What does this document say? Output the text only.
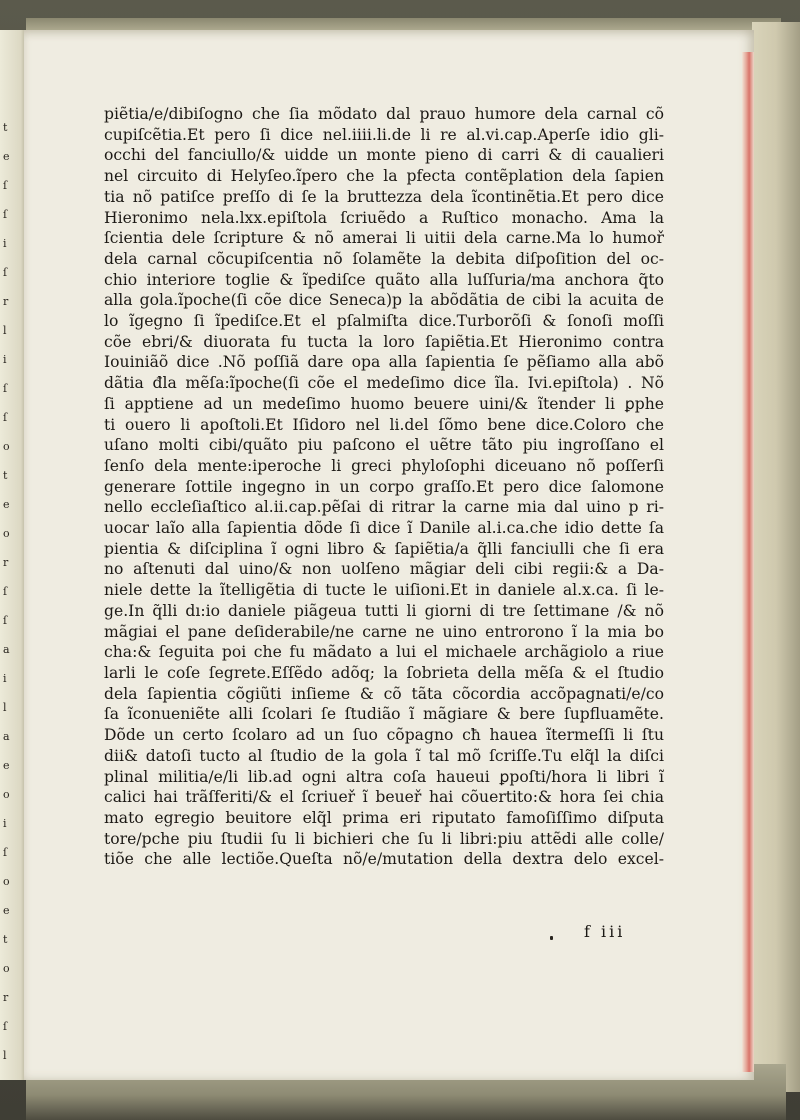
t
e
ſ
ſ
i
ſ
r
l
i
ſ
ſ
o
t
e
o
r
ſ
ſ
a
i
l
a
e
o
i
ſ
o
e
t
o
r
ſ
l
piẽtia/e/dibiſogno che ſia mõdato dal prauo humore dela carnal cõ
cupiſcẽtia.Et pero ſi dice nel.iiii.li.de li re al.vi.cap.Aperſe idio gli-
occhi del fanciullo/& uidde un monte pieno di carri & di caualieri
nel circuito di Helyſeo.ĩpero che la pfecta contẽplation dela ſapien
tia nõ patiſce preſſo di ſe la bruttezza dela ĩcontinẽtia.Et pero dice
Hieronimo nela.lxx.epiſtola ſcriuẽdo a Ruſtico monacho. Ama la
ſcientia dele ſcripture & nõ amerai li uitii dela carne.Ma lo humoř
dela carnal cõcupiſcentia nõ ſolamẽte la debita diſpoſition del oc-
chio interiore toglie & ĩpediſce quãto alla luſſuria/ma anchora q̃to
alla gola.ĩpoche(ſi cõe dice Seneca)p la abõdãtia de cibi la acuita de
lo ĩgegno ſi ĩpediſce.Et el pſalmiſta dice.Turborõſi & ſonoſi moſſi
cõe ebri/& diuorata fu tucta la loro ſapiẽtia.Et Hieronimo contra
Iouiniãõ dice .Nõ poſſiã dare opa alla ſapientia ſe pẽſiamo alla abõ
dãtia đla mẽſa:ĩpoche(ſi cõe el medeſimo dice ĩla. Ivi.epiſtola) . Nõ
ſi apptiene ad un medeſimo huomo beuere uini/& ĩtender li ꝑphe
ti ouero li apoſtoli.Et Iſidoro nel li.del ſõmo bene dice.Coloro che
uſano molti cibi/quãto piu paſcono el uẽtre tãto piu ingroſſano el
ſenſo dela mente:iperoche li greci phyloſophi diceuano nõ poſſerſi
generare ſottile ingegno in un corpo graſſo.Et pero dice ſalomone
nello eccleſiaſtico al.ii.cap.pẽſai di ritrar la carne mia dal uino p ri-
uocar laĩo alla ſapientia dõde ſi dice ĩ Danile al.i.ca.che idio dette ſa
pientia & diſciplina ĩ ogni libro & ſapiẽtia/a q̃lli fanciulli che ſi era
no aſtenuti dal uino/& non uolſeno mãgiar deli cibi regii:& a Da-
niele dette la ĩtelligẽtia di tucte le uiſioni.Et in daniele al.x.ca. ſi le-
ge.In q̃lli dı:io daniele piãgeua tutti li giorni di tre ſettimane /& nõ
mãgiai el pane deſiderabile/ne carne ne uino entrorono ĩ la mia bo
cha:& ſeguita poi che fu mãdato a lui el michaele archãgiolo a riue
larli le coſe ſegrete.Eſſẽdo adõq; la ſobrieta della mẽſa & el ſtudio
dela ſapientia cõgiũti inſieme & cõ tãta cõcordia accõpagnati/e/co
ſa ĩconueniẽte alli ſcolari ſe ſtudião ĩ mãgiare & bere ſupfluamẽte.
Dõde un certo ſcolaro ad un ſuo cõpagno cħ haueа ĩtermeſſi li ſtu
dii& datoſi tucto al ſtudio de la gola ĩ tal mõ ſcriſſe.Tu elq̃l la diſci
plinal militia/e/li lib.ad ogni altra coſa haueui ꝑpoſti/hora li libri ĩ
calici hai trãſferiti/& el ſcriueř ĩ beueř hai cõuertito:& hora ſei chia
mato egregio beuitore elq̃l prima eri riputato famoſiſſimo diſputa
tore/pche piu ſtudii ſu li bichieri che ſu li libri:piu attẽdi alle colle/
tiõe che alle lectiõe.Queſta nõ/e/mutation della dextra delo excel-
f iii
